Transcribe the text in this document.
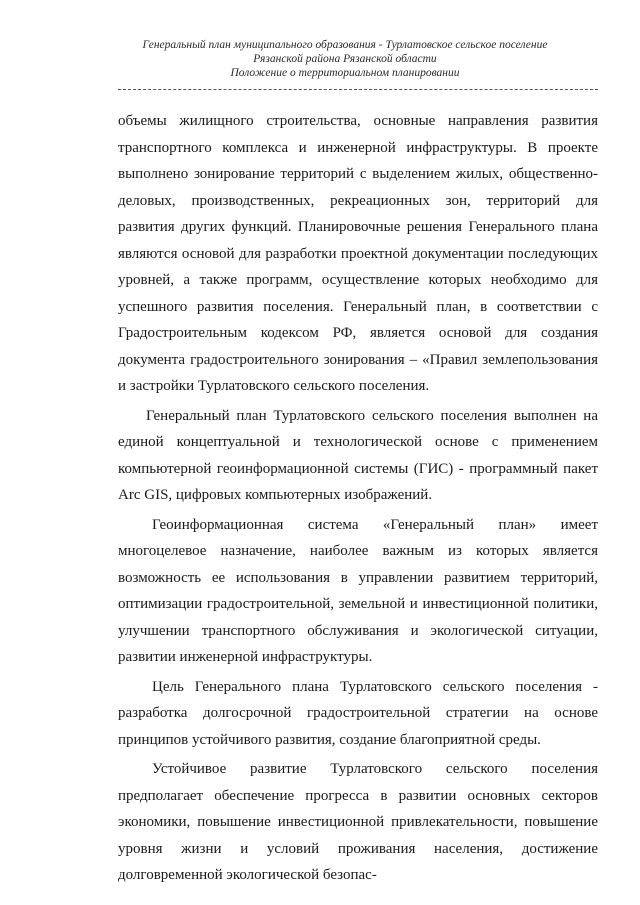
Генеральный план муниципального образования - Турлатовское сельское поселение
Рязанской района Рязанской области
Положение о территориальном планировании

объемы жилищного строительства, основные направления развития транспортного комплекса и инженерной инфраструктуры. В проекте выполнено зонирование территорий с выделением жилых, общественно-деловых, производственных, рекреационных зон, территорий для развития других функций. Планировочные решения Генерального плана являются основой для разработки проектной документации последующих уровней, а также программ, осуществление которых необходимо для успешного развития поселения. Генеральный план, в соответствии с Градостроительным кодексом РФ, является основой для создания документа градостроительного зонирования – «Правил землепользования и застройки Турлатовского сельского поселения.

Генеральный план Турлатовского сельского поселения выполнен на единой концептуальной и технологической основе с применением компьютерной геоинформационной системы (ГИС) - программный пакет Arc GIS, цифровых компьютерных изображений.

Геоинформационная система «Генеральный план» имеет многоцелевое назначение, наиболее важным из которых является возможность ее использования в управлении развитием территорий, оптимизации градостроительной, земельной и инвестиционной политики, улучшении транспортного обслуживания и экологической ситуации, развитии инженерной инфраструктуры.

Цель Генерального плана Турлатовского сельского поселения - разработка долгосрочной градостроительной стратегии на основе принципов устойчивого развития, создание благоприятной среды.

Устойчивое развитие Турлатовского сельского поселения предполагает обеспечение прогресса в развитии основных секторов экономики, повышение инвестиционной привлекательности, повышение уровня жизни и условий проживания населения, достижение долговременной экологической безопас-
